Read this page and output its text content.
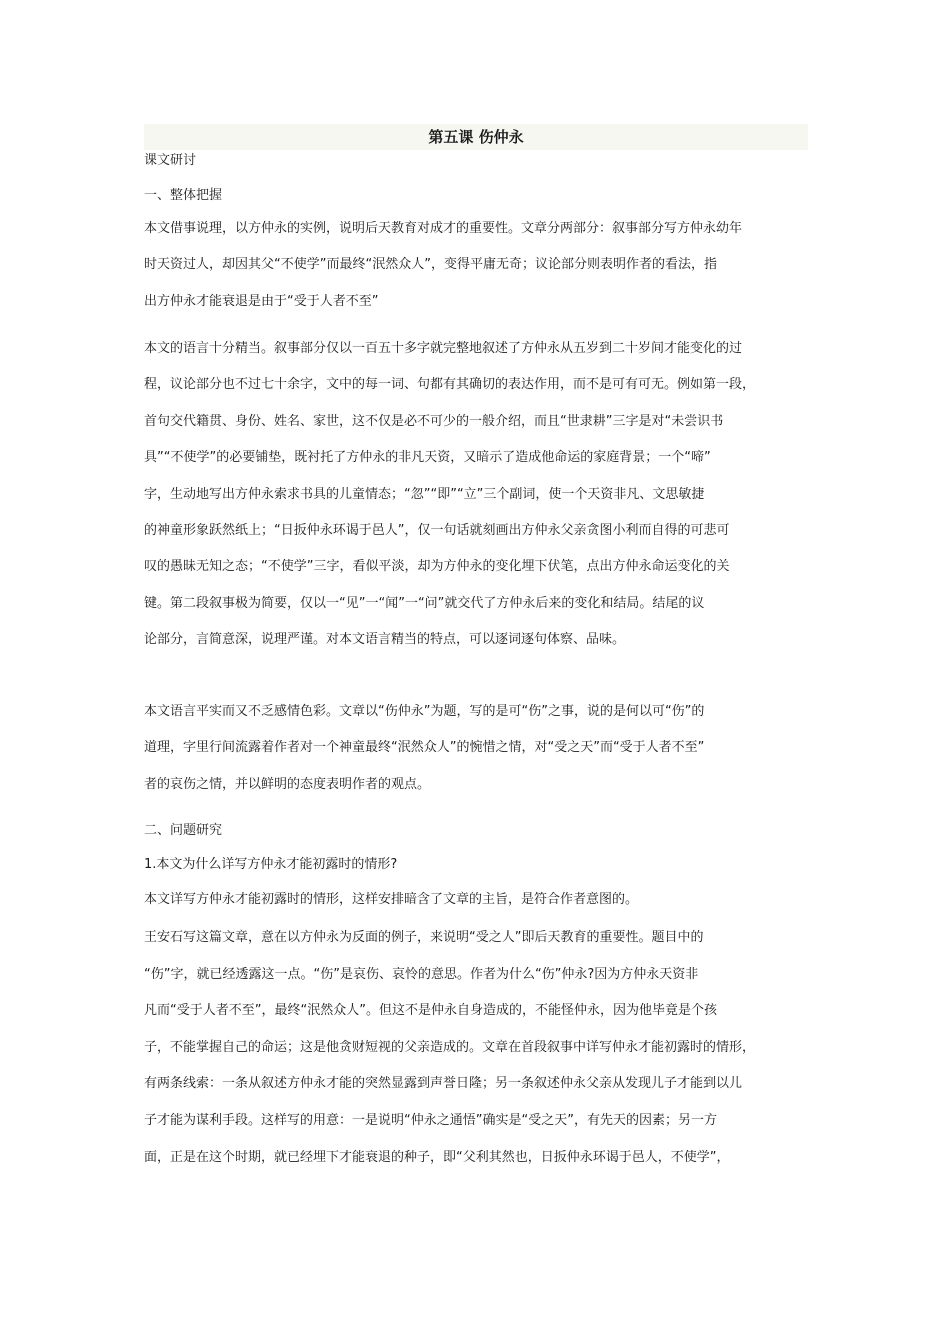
第五课 伤仲永

课文研讨

一、整体把握

本文借事说理，以方仲永的实例，说明后天教育对成才的重要性。文章分两部分：叙事部分写方仲永幼年
时天资过人，却因其父“不使学”而最终“泯然众人”，变得平庸无奇；议论部分则表明作者的看法，指
出方仲永才能衰退是由于“受于人者不至”
本文的语言十分精当。叙事部分仅以一百五十多字就完整地叙述了方仲永从五岁到二十岁间才能变化的过
程，议论部分也不过七十余字，文中的每一词、句都有其确切的表达作用，而不是可有可无。例如第一段，
首句交代籍贯、身份、姓名、家世，这不仅是必不可少的一般介绍，而且“世隶耕”三字是对“未尝识书
具”“不使学”的必要铺垫，既衬托了方仲永的非凡天资，又暗示了造成他命运的家庭背景；一个“啼”
字，生动地写出方仲永索求书具的儿童情态；“忽”“即”“立”三个副词，使一个天资非凡、文思敏捷
的神童形象跃然纸上；“日扳仲永环谒于邑人”，仅一句话就刻画出方仲永父亲贪图小利而自得的可悲可
叹的愚昧无知之态；“不使学”三字，看似平淡，却为方仲永的变化埋下伏笔，点出方仲永命运变化的关
键。第二段叙事极为简要，仅以一“见”一“闻”一“问”就交代了方仲永后来的变化和结局。结尾的议
论部分，言简意深，说理严谨。对本文语言精当的特点，可以逐词逐句体察、品味。
本文语言平实而又不乏感情色彩。文章以“伤仲永”为题，写的是可“伤”之事，说的是何以可“伤”的
道理，字里行间流露着作者对一个神童最终“泯然众人”的惋惜之情，对“受之天”而“受于人者不至”
者的哀伤之情，并以鲜明的态度表明作者的观点。

二、问题研究

1.本文为什么详写方仲永才能初露时的情形?

本文详写方仲永才能初露时的情形，这样安排暗含了文章的主旨，是符合作者意图的。

王安石写这篇文章，意在以方仲永为反面的例子，来说明“受之人”即后天教育的重要性。题目中的
“伤”字，就已经透露这一点。“伤”是哀伤、哀怜的意思。作者为什么“伤”仲永?因为方仲永天资非
凡而“受于人者不至”，最终“泯然众人”。但这不是仲永自身造成的，不能怪仲永，因为他毕竟是个孩
子，不能掌握自己的命运；这是他贪财短视的父亲造成的。文章在首段叙事中详写仲永才能初露时的情形，
有两条线索：一条从叙述方仲永才能的突然显露到声誉日隆；另一条叙述仲永父亲从发现儿子才能到以儿
子才能为谋利手段。这样写的用意：一是说明“仲永之通悟”确实是“受之天”，有先天的因素；另一方
面，正是在这个时期，就已经埋下才能衰退的种子，即“父利其然也，日扳仲永环谒于邑人，不使学”，
